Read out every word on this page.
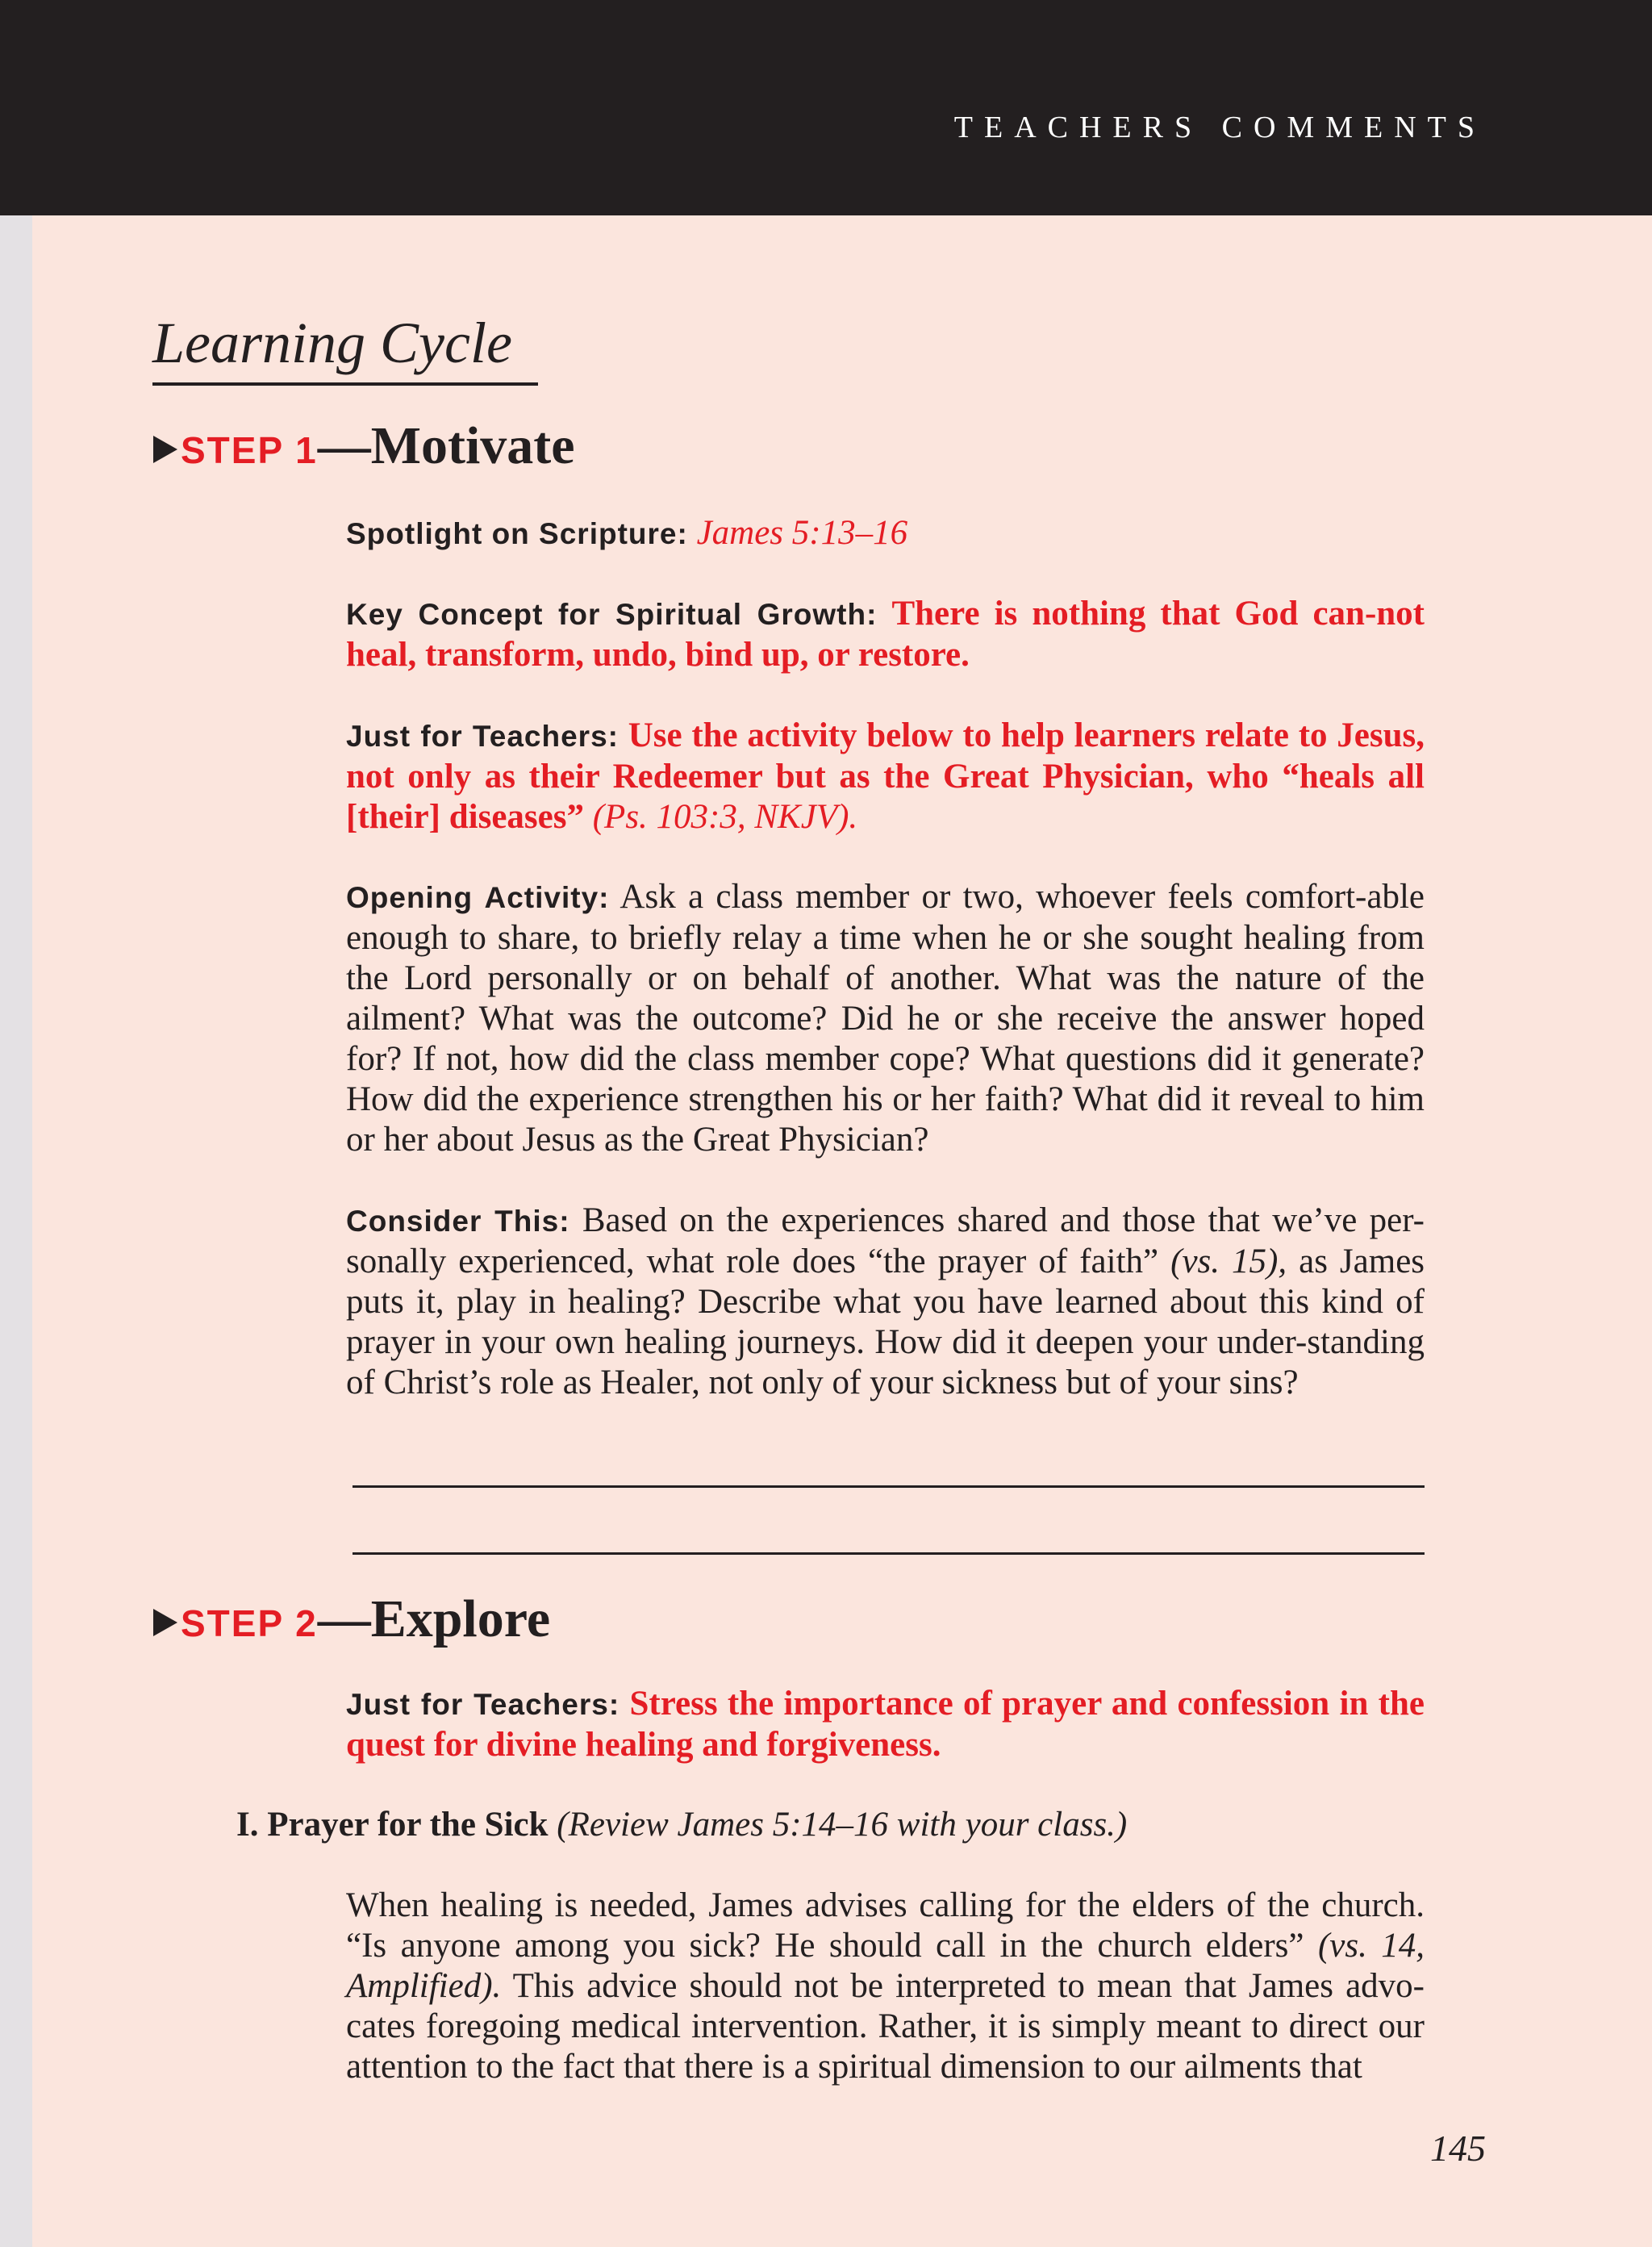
TEACHERS COMMENTS
Learning Cycle
STEP 1—Motivate

Spotlight on Scripture: James 5:13–16

Key Concept for Spiritual Growth: There is nothing that God can-not heal, transform, undo, bind up, or restore.

Just for Teachers: Use the activity below to help learners relate to Jesus, not only as their Redeemer but as the Great Physician, who “heals all [their] diseases” (Ps. 103:3, NKJV).

Opening Activity: Ask a class member or two, whoever feels comfort-able enough to share, to briefly relay a time when he or she sought healing from the Lord personally or on behalf of another. What was the nature of the ailment? What was the outcome? Did he or she receive the answer hoped for? If not, how did the class member cope? What questions did it generate? How did the experience strengthen his or her faith? What did it reveal to him or her about Jesus as the Great Physician?

Consider This: Based on the experiences shared and those that we’ve per-sonally experienced, what role does “the prayer of faith” (vs. 15), as James puts it, play in healing? Describe what you have learned about this kind of prayer in your own healing journeys. How did it deepen your under-standing of Christ’s role as Healer, not only of your sickness but of your sins?

STEP 2—Explore

Just for Teachers: Stress the importance of prayer and confession in the quest for divine healing and forgiveness.

I. Prayer for the Sick (Review James 5:14–16 with your class.)

When healing is needed, James advises calling for the elders of the church. “Is anyone among you sick? He should call in the church elders” (vs. 14, Amplified). This advice should not be interpreted to mean that James advo-cates foregoing medical intervention. Rather, it is simply meant to direct our attention to the fact that there is a spiritual dimension to our ailments that

145
